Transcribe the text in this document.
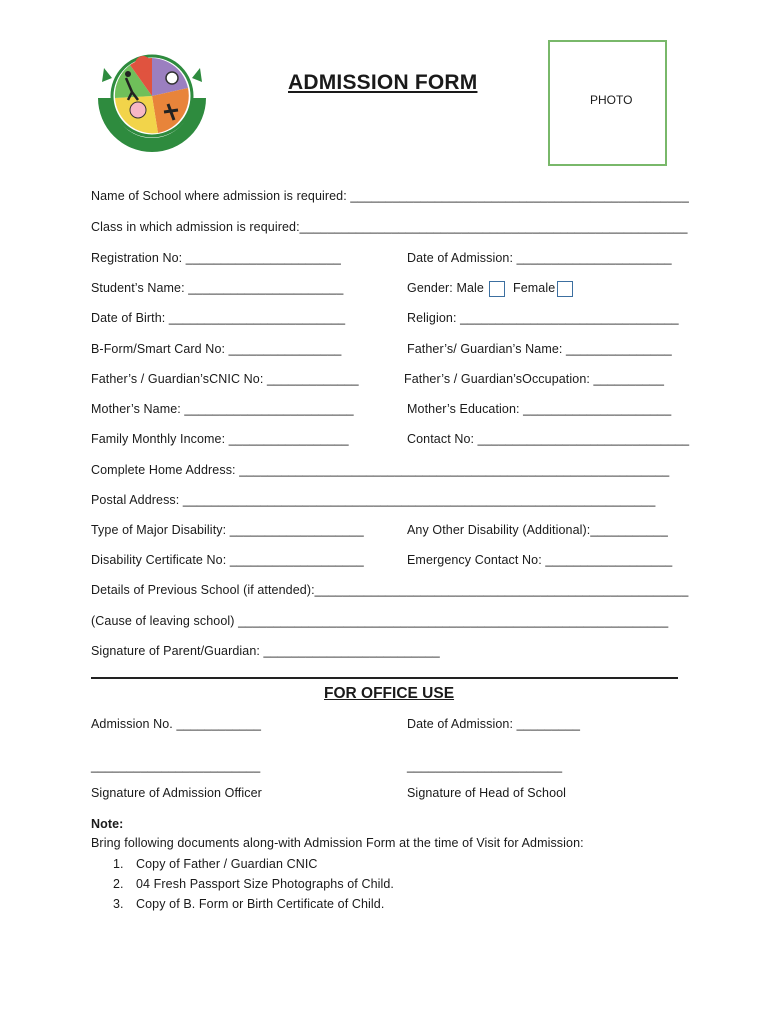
ADMISSION FORM
PHOTO
Name of School where admission is required: ________________________________________________
Class in which admission is required:_______________________________________________________
Registration No: ______________________	Date of Admission: ______________________
Student’s Name: ______________________	Gender: Male Female
Date of Birth: _________________________	Religion: _______________________________
B-Form/Smart Card No: ________________	Father’s/ Guardian’s Name: _______________
Father’s / Guardian’sCNIC No: _____________	Father’s / Guardian’sOccupation: __________
Mother’s Name: ________________________	Mother’s Education: _____________________
Family Monthly Income: _________________	Contact No: ______________________________
Complete Home Address: _____________________________________________________________
Postal Address: ___________________________________________________________________
Type of Major Disability: ___________________	Any Other Disability (Additional):___________
Disability Certificate No: ___________________	Emergency Contact No: __________________
Details of Previous School (if attended):_____________________________________________________
(Cause of leaving school) _____________________________________________________________
Signature of Parent/Guardian: _________________________
FOR OFFICE USE
Admission No. ____________	Date of Admission: _________
________________________	______________________
Signature of Admission Officer	Signature of Head of School
Note:
Bring following documents along-with Admission Form at the time of Visit for Admission:
1. Copy of Father / Guardian CNIC
2. 04 Fresh Passport Size Photographs of Child.
3. Copy of B. Form or Birth Certificate of Child.
